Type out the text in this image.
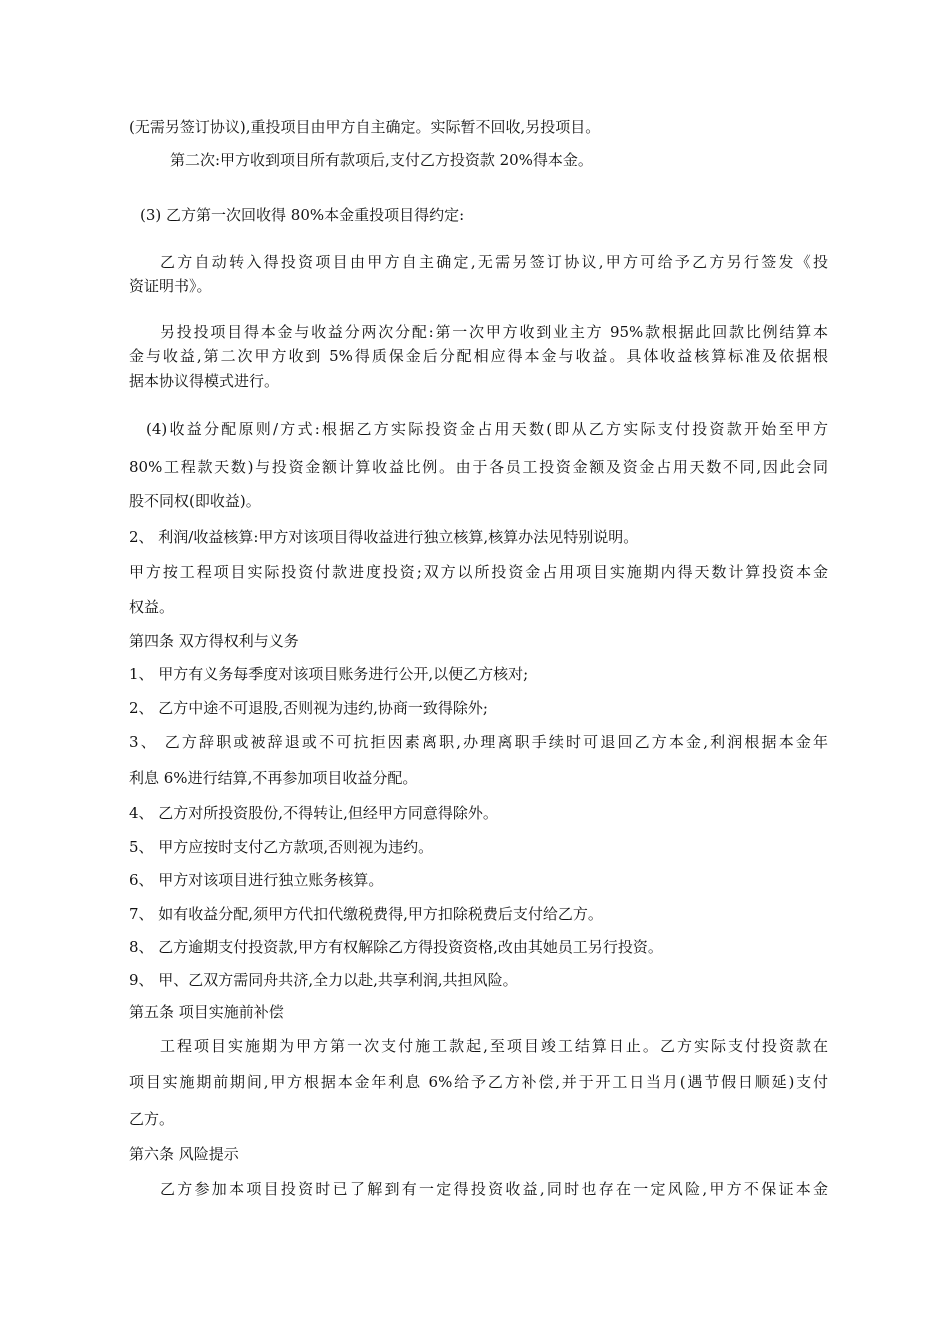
(无需另签订协议),重投项目由甲方自主确定。实际暂不回收,另投项目。
第二次:甲方收到项目所有款项后,支付乙方投资款 20%得本金。
(3) 乙方第一次回收得 80%本金重投项目得约定:
乙方自动转入得投资项目由甲方自主确定,无需另签订协议,甲方可给予乙方另行签发《投
资证明书》。
另投投项目得本金与收益分两次分配:第一次甲方收到业主方 95%款根据此回款比例结算本
金与收益,第二次甲方收到 5%得质保金后分配相应得本金与收益。具体收益核算标准及依据根
据本协议得模式进行。
(4)收益分配原则/方式:根据乙方实际投资金占用天数(即从乙方实际支付投资款开始至甲方
80%工程款天数)与投资金额计算收益比例。由于各员工投资金额及资金占用天数不同,因此会同
股不同权(即收益)。
2、 利润/收益核算:甲方对该项目得收益进行独立核算,核算办法见特别说明。
甲方按工程项目实际投资付款进度投资;双方以所投资金占用项目实施期内得天数计算投资本金
权益。
第四条 双方得权利与义务
1、 甲方有义务每季度对该项目账务进行公开,以便乙方核对;
2、 乙方中途不可退股,否则视为违约,协商一致得除外;
3、 乙方辞职或被辞退或不可抗拒因素离职,办理离职手续时可退回乙方本金,利润根据本金年
利息 6%进行结算,不再参加项目收益分配。
4、 乙方对所投资股份,不得转让,但经甲方同意得除外。
5、 甲方应按时支付乙方款项,否则视为违约。
6、 甲方对该项目进行独立账务核算。
7、 如有收益分配,须甲方代扣代缴税费得,甲方扣除税费后支付给乙方。
8、 乙方逾期支付投资款,甲方有权解除乙方得投资资格,改由其她员工另行投资。
9、 甲、乙双方需同舟共济,全力以赴,共享利润,共担风险。
第五条 项目实施前补偿
工程项目实施期为甲方第一次支付施工款起,至项目竣工结算日止。乙方实际支付投资款在
项目实施期前期间,甲方根据本金年利息 6%给予乙方补偿,并于开工日当月(遇节假日顺延)支付
乙方。
第六条 风险提示
乙方参加本项目投资时已了解到有一定得投资收益,同时也存在一定风险,甲方不保证本金
